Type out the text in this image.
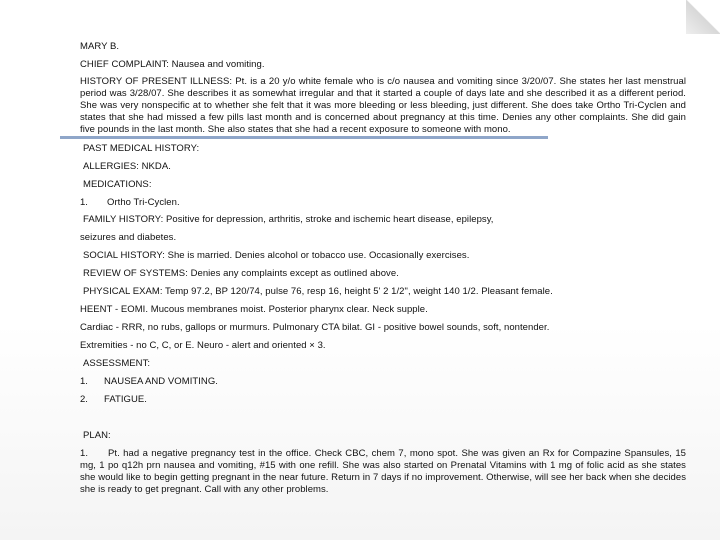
MARY B.

CHIEF COMPLAINT: Nausea and vomiting.

HISTORY OF PRESENT ILLNESS: Pt. is a 20 y/o white female who is c/o nausea and vomiting since 3/20/07. She states her last menstrual period was 3/28/07. She describes it as somewhat irregular and that it started a couple of days late and she described it as a different period. She was very nonspecific at to whether she felt that it was more bleeding or less bleeding, just different. She does take Ortho Tri-Cyclen and states that she had missed a few pills last month and is concerned about pregnancy at this time. Denies any other complaints. She did gain five pounds in the last month. She also states that she had a recent exposure to someone with mono.

PAST MEDICAL HISTORY:

ALLERGIES: NKDA.

MEDICATIONS:

1. Ortho Tri-Cyclen.

FAMILY HISTORY: Positive for depression, arthritis, stroke and ischemic heart disease, epilepsy,

seizures and diabetes.

SOCIAL HISTORY: She is married. Denies alcohol or tobacco use. Occasionally exercises.

REVIEW OF SYSTEMS: Denies any complaints except as outlined above.

PHYSICAL EXAM: Temp 97.2, BP 120/74, pulse 76, resp 16, height 5' 2 1/2", weight 140 1/2. Pleasant female.

HEENT - EOMI. Mucous membranes moist. Posterior pharynx clear. Neck supple.

Cardiac - RRR, no rubs, gallops or murmurs. Pulmonary CTA bilat. GI - positive bowel sounds, soft, nontender.

Extremities - no C, C, or E. Neuro - alert and oriented × 3.

ASSESSMENT:

1. NAUSEA AND VOMITING.

2. FATIGUE.

PLAN:

1. Pt. had a negative pregnancy test in the office. Check CBC, chem 7, mono spot. She was given an Rx for Compazine Spansules, 15 mg, 1 po q12h prn nausea and vomiting, #15 with one refill. She was also started on Prenatal Vitamins with 1 mg of folic acid as she states she would like to begin getting pregnant in the near future. Return in 7 days if no improvement. Otherwise, will see her back when she decides she is ready to get pregnant. Call with any other problems.
